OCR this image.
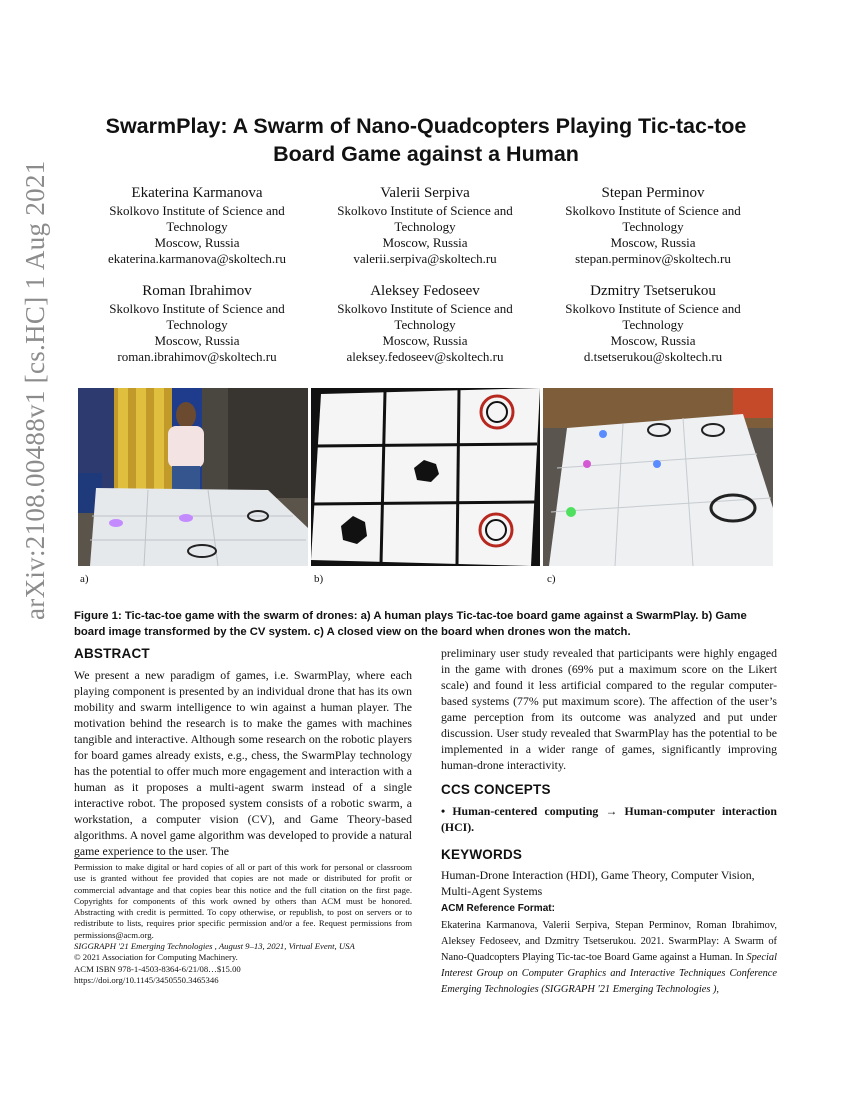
arXiv:2108.00488v1 [cs.HC] 1 Aug 2021
SwarmPlay: A Swarm of Nano-Quadcopters Playing Tic-tac-toe
Board Game against a Human
Ekaterina Karmanova
Skolkovo Institute of Science and
Technology
Moscow, Russia
ekaterina.karmanova@skoltech.ru
Valerii Serpiva
Skolkovo Institute of Science and
Technology
Moscow, Russia
valerii.serpiva@skoltech.ru
Stepan Perminov
Skolkovo Institute of Science and
Technology
Moscow, Russia
stepan.perminov@skoltech.ru
Roman Ibrahimov
Skolkovo Institute of Science and
Technology
Moscow, Russia
roman.ibrahimov@skoltech.ru
Aleksey Fedoseev
Skolkovo Institute of Science and
Technology
Moscow, Russia
aleksey.fedoseev@skoltech.ru
Dzmitry Tsetserukou
Skolkovo Institute of Science and
Technology
Moscow, Russia
d.tsetserukou@skoltech.ru
a)	b)	c)
Figure 1: Tic-tac-toe game with the swarm of drones: a) A human plays Tic-tac-toe board game against a SwarmPlay. b) Game
board image transformed by the CV system. c) A closed view on the board when drones won the match.
ABSTRACT
We present a new paradigm of games, i.e. SwarmPlay, where each playing component is presented by an individual drone that has its own mobility and swarm intelligence to win against a human player. The motivation behind the research is to make the games with machines tangible and interactive. Although some research on the robotic players for board games already exists, e.g., chess, the SwarmPlay technology has the potential to offer much more engagement and interaction with a human as it proposes a multi-agent swarm instead of a single interactive robot. The proposed system consists of a robotic swarm, a workstation, a computer vision (CV), and Game Theory-based algorithms. A novel game algorithm was developed to provide a natural game experience to the user. The
Permission to make digital or hard copies of all or part of this work for personal or classroom use is granted without fee provided that copies are not made or distributed for profit or commercial advantage and that copies bear this notice and the full citation on the first page. Copyrights for components of this work owned by others than ACM must be honored. Abstracting with credit is permitted. To copy otherwise, or republish, to post on servers or to redistribute to lists, requires prior specific permission and/or a fee. Request permissions from permissions@acm.org.
SIGGRAPH '21 Emerging Technologies , August 9–13, 2021, Virtual Event, USA
© 2021 Association for Computing Machinery.
ACM ISBN 978-1-4503-8364-6/21/08…$15.00
https://doi.org/10.1145/3450550.3465346
preliminary user study revealed that participants were highly engaged in the game with drones (69% put a maximum score on the Likert scale) and found it less artificial compared to the regular computer-based systems (77% put maximum score). The affection of the user’s game perception from its outcome was analyzed and put under discussion. User study revealed that SwarmPlay has the potential to be implemented in a wider range of games, significantly improving human-drone interactivity.
CCS CONCEPTS
• Human-centered computing → Human-computer interaction (HCI).
KEYWORDS
Human-Drone Interaction (HDI), Game Theory, Computer Vision, Multi-Agent Systems
ACM Reference Format:
Ekaterina Karmanova, Valerii Serpiva, Stepan Perminov, Roman Ibrahimov, Aleksey Fedoseev, and Dzmitry Tsetserukou. 2021. SwarmPlay: A Swarm of Nano-Quadcopters Playing Tic-tac-toe Board Game against a Human. In Special Interest Group on Computer Graphics and Interactive Techniques Conference Emerging Technologies (SIGGRAPH '21 Emerging Technologies ),
